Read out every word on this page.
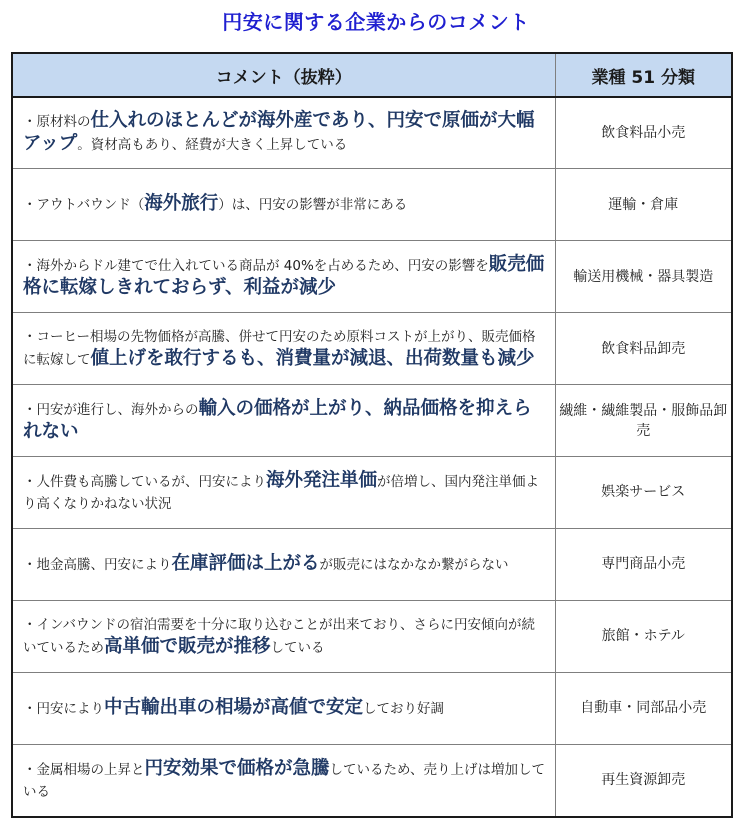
円安に関する企業からのコメント
コメント（抜粋）	業種 51 分類
・原材料の仕入れのほとんどが海外産であり、円安で原価が大幅アップ。資材高もあり、経費が大きく上昇している	飲食料品小売
・アウトバウンド（海外旅行）は、円安の影響が非常にある	運輸・倉庫
・海外からドル建てで仕入れている商品が 40%を占めるため、円安の影響を販売価格に転嫁しきれておらず、利益が減少	輸送用機械・器具製造
・コーヒー相場の先物価格が高騰、併せて円安のため原料コストが上がり、販売価格に転嫁して値上げを敢行するも、消費量が減退、出荷数量も減少	飲食料品卸売
・円安が進行し、海外からの輸入の価格が上がり、納品価格を抑えられない	繊維・繊維製品・服飾品卸売
・人件費も高騰しているが、円安により海外発注単価が倍増し、国内発注単価より高くなりかねない状況	娯楽サービス
・地金高騰、円安により在庫評価は上がるが販売にはなかなか繋がらない	専門商品小売
・インバウンドの宿泊需要を十分に取り込むことが出来ており、さらに円安傾向が続いているため高単価で販売が推移している	旅館・ホテル
・円安により中古輸出車の相場が高値で安定しており好調	自動車・同部品小売
・金属相場の上昇と円安効果で価格が急騰しているため、売り上げは増加している	再生資源卸売
